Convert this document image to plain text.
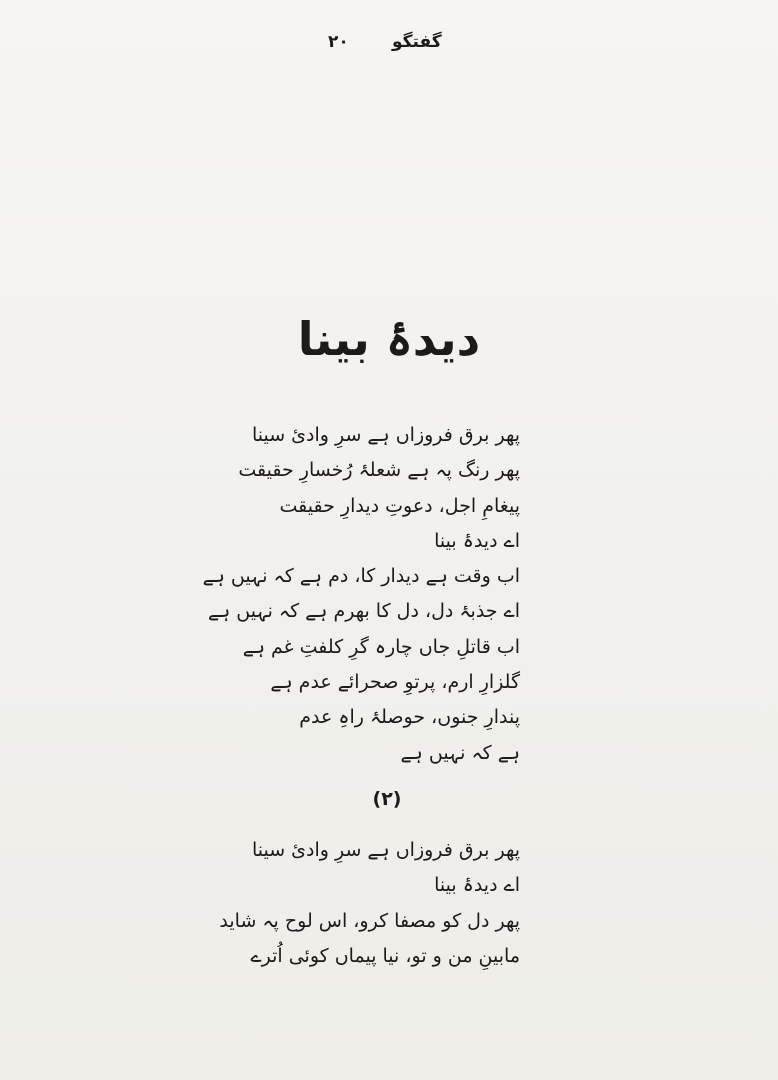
۲۰	گفتگو
دیدۂ بینا
پھر برق فروزاں ہے سرِ وادیٔ سینا
پھر رنگ پہ ہے شعلۂ رُخسارِ حقیقت
پیغامِ اجل، دعوتِ دیدارِ حقیقت
اے دیدۂ بینا
اب وقت ہے دیدار کا، دم ہے کہ نہیں ہے
اے جذبۂ دل، دل کا بھرم ہے کہ نہیں ہے
اب قاتلِ جاں چارہ گرِ کلفتِ غم ہے
گلزارِ ارم، پرتوِ صحرائے عدم ہے
پندارِ جنوں، حوصلۂ راہِ عدم
ہے کہ نہیں ہے
(۲)
پھر برق فروزاں ہے سرِ وادیٔ سینا
اے دیدۂ بینا
پھر دل کو مصفا کرو، اس لوح پہ شاید
مابینِ من و تو، نیا پیماں کوئی اُترے
